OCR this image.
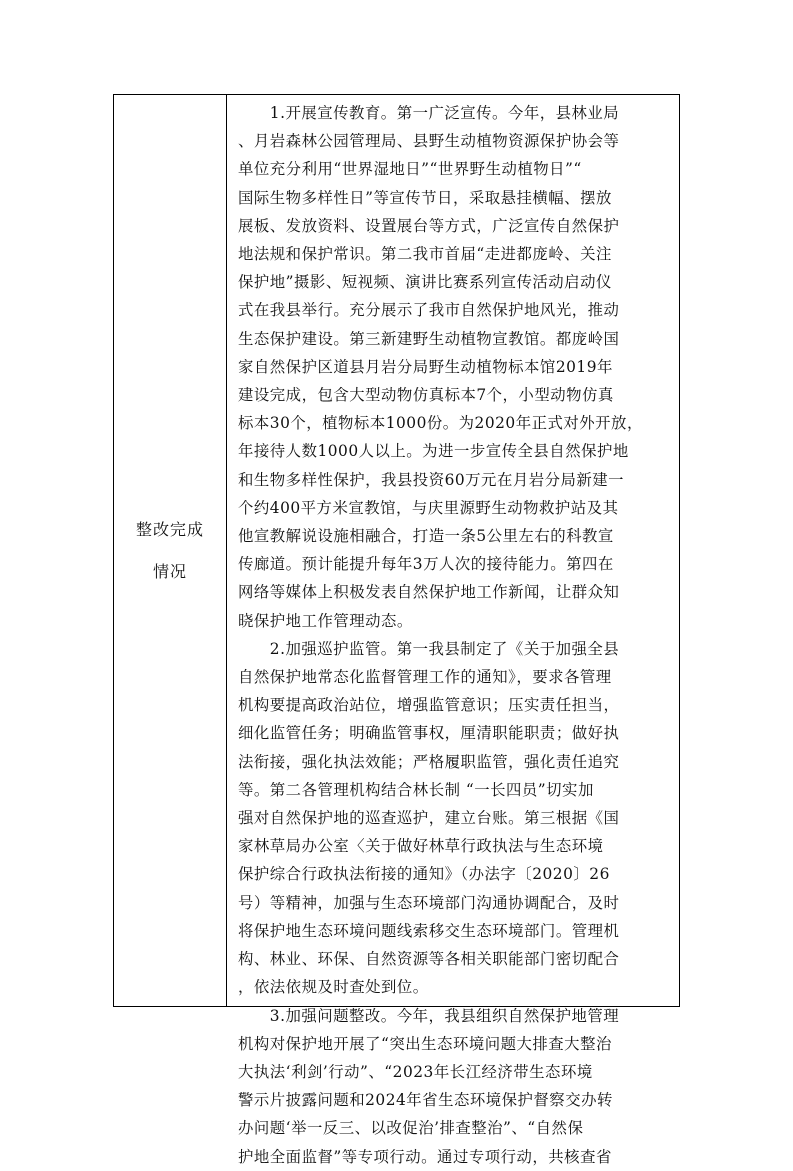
整改完成
情况
　　1.开展宣传教育。第一广泛宣传。今年，县林业局
、月岩森林公园管理局、县野生动植物资源保护协会等
单位充分利用“世界湿地日”“世界野生动植物日”“
国际生物多样性日”等宣传节日，采取悬挂横幅、摆放
展板、发放资料、设置展台等方式，广泛宣传自然保护
地法规和保护常识。第二我市首届“走进都庞岭、关注
保护地”摄影、短视频、演讲比赛系列宣传活动启动仪
式在我县举行。充分展示了我市自然保护地风光，推动
生态保护建设。第三新建野生动植物宣教馆。都庞岭国
家自然保护区道县月岩分局野生动植物标本馆2019年
建设完成，包含大型动物仿真标本7个，小型动物仿真
标本30个，植物标本1000份。为2020年正式对外开放，
年接待人数1000人以上。为进一步宣传全县自然保护地
和生物多样性保护，我县投资60万元在月岩分局新建一
个约400平方米宣教馆，与庆里源野生动物救护站及其
他宣教解说设施相融合，打造一条5公里左右的科教宣
传廊道。预计能提升每年3万人次的接待能力。第四在
网络等媒体上积极发表自然保护地工作新闻，让群众知
晓保护地工作管理动态。
　　2.加强巡护监管。第一我县制定了《关于加强全县
自然保护地常态化监督管理工作的通知》，要求各管理
机构要提高政治站位，增强监管意识；压实责任担当，
细化监管任务；明确监管事权，厘清职能职责；做好执
法衔接，强化执法效能；严格履职监管，强化责任追究
等。第二各管理机构结合林长制 “一长四员”切实加
强对自然保护地的巡查巡护，建立台账。第三根据《国
家林草局办公室〈关于做好林草行政执法与生态环境
保护综合行政执法衔接的通知》（办法字〔2020〕26
号）等精神，加强与生态环境部门沟通协调配合，及时
将保护地生态环境问题线索移交生态环境部门。管理机
构、林业、环保、自然资源等各相关职能部门密切配合
，依法依规及时查处到位。
　　3.加强问题整改。今年，我县组织自然保护地管理
机构对保护地开展了“突出生态环境问题大排查大整治
大执法‘利剑’行动”、“2023年长江经济带生态环境
警示片披露问题和2024年省生态环境保护督察交办转
办问题‘举一反三、以改促治’排查整治”、“自然保
护地全面监督”等专项行动。通过专项行动，共核查省
